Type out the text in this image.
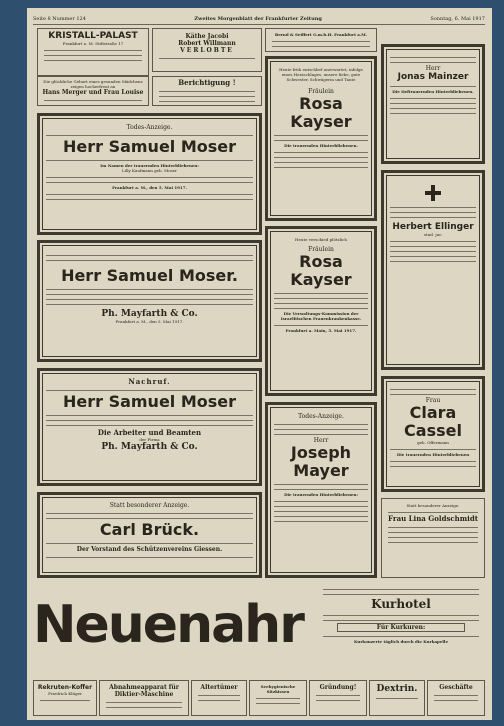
Seite 8 Nummer 124	Zweites Morgenblatt der Frankfurter Zeitung	Sonntag, 6. Mai 1917
KRISTALL-PALAST
Frankfurt a. M. Stiftstraße 17
Käthe Jacobi
Robert Willmann
VERLOBTE
Die glückliche Geburt eines gesunden Mädchens zeigen hocherfreut an
Hans Merger und Frau Louise
Berichtigung !
Todes-Anzeige.
Herr Samuel Moser
Im Namen der trauernden Hinterbliebenen:
Lilly Kaufmann geb. Moser
Frankfurt a. M., den 5. Mai 1917.
Herr Samuel Moser.
Ph. Mayfarth & Co.
Frankfurt a. M., den 5. Mai 1917.
Nachruf.
Herr Samuel Moser
Die Arbeiter und Beamten
der Firma
Ph. Mayfarth & Co.
Statt besonderer Anzeige.
Carl Brück.
Der Vorstand des Schützenvereins Giessen.
Bernd & Seiffert G.m.b.H. Frankfurt a.M.
Heute früh entschlief unerwartet, infolge eines Herzschlages, unsere liebe, gute Schwester, Schwägerin und Tante
Fräulein
Rosa Kayser
Die trauernden Hinterbliebenen.
Heute verschied plötzlich
Fräulein
Rosa Kayser
Die Verwaltungs-Kommission der Israelitischen Frauenkrankenkasse.
Frankfurt a. Main, 5. Mai 1917.
Todes-Anzeige.
Herr
Joseph Mayer
Die trauernden Hinterbliebenen:
Herr
Jonas Mainzer
Die tieftrauernden Hinterbliebenen.
Herbert Ellinger
stud. jur.
Frau
Clara Cassel
geb. Offermann
Die trauernden Hinterbliebenen
Statt besonderer Anzeige.
Frau Lina Goldschmidt
Neuenahr	Kurhotel
Für Kurkuren:
Kurkonzerte täglich durch die Kurkapelle
Rekruten-Koffer
Friedrich Klüger
Abnahmeapparat für Diktier-Maschine
Altertümer	Seehygienische Sitzkissen
Gründung!	Dextrin.	Geschäfte
